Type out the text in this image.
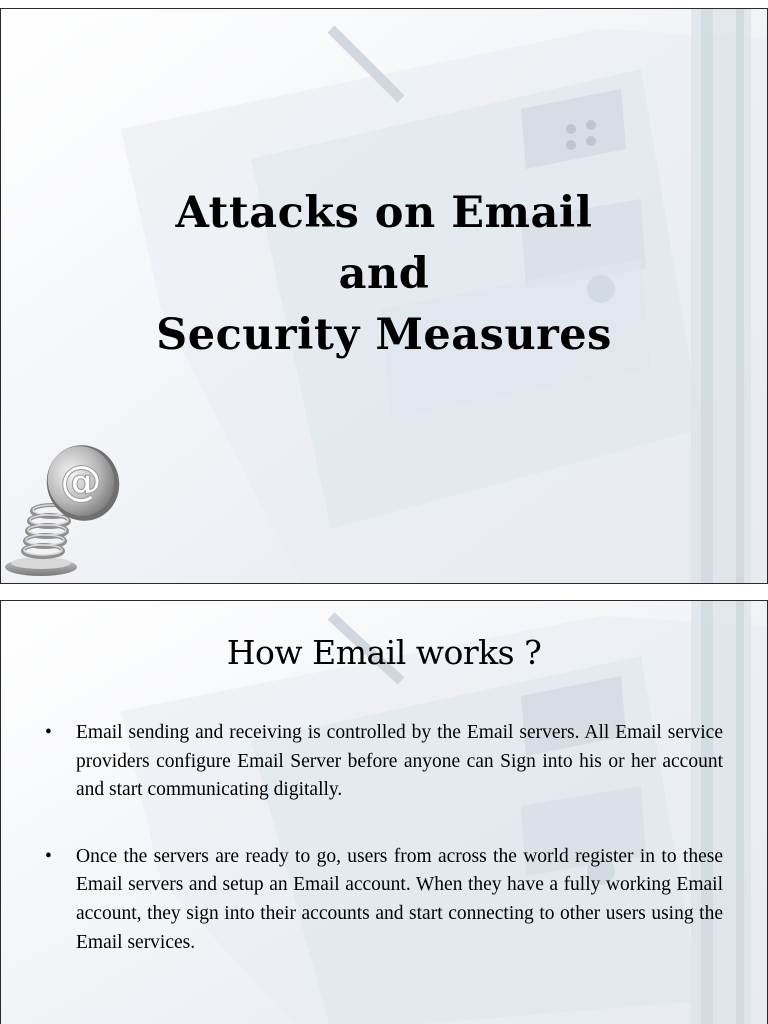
Attacks on Email
and
Security Measures
@
How Email works ?
• Email sending and receiving is controlled by the Email servers. All Email service providers configure Email Server before anyone can Sign into his or her account and start communicating digitally.
• Once the servers are ready to go, users from across the world register in to these Email servers and setup an Email account. When they have a fully working Email account, they sign into their accounts and start connecting to other users using the Email services.
